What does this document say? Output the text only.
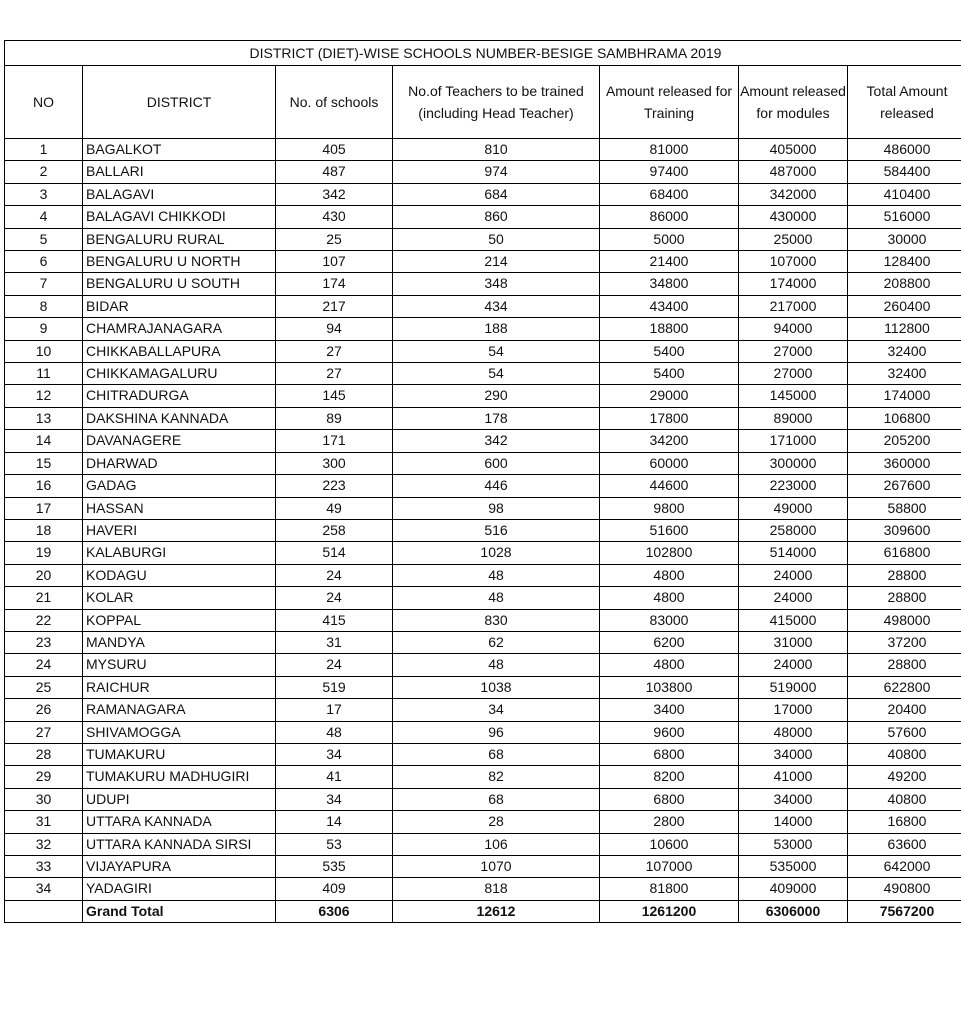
DISTRICT (DIET)-WISE SCHOOLS NUMBER-BESIGE SAMBHRAMA 2019						
NO	DISTRICT	No. of schools	No.of Teachers to be trained (including Head Teacher)	Amount released for Training	Amount released for modules	Total Amount released
1	BAGALKOT	405	810	81000	405000	486000
2	BALLARI	487	974	97400	487000	584400
3	BALAGAVI	342	684	68400	342000	410400
4	BALAGAVI CHIKKODI	430	860	86000	430000	516000
5	BENGALURU RURAL	25	50	5000	25000	30000
6	BENGALURU U NORTH	107	214	21400	107000	128400
7	BENGALURU U SOUTH	174	348	34800	174000	208800
8	BIDAR	217	434	43400	217000	260400
9	CHAMRAJANAGARA	94	188	18800	94000	112800
10	CHIKKABALLAPURA	27	54	5400	27000	32400
11	CHIKKAMAGALURU	27	54	5400	27000	32400
12	CHITRADURGA	145	290	29000	145000	174000
13	DAKSHINA KANNADA	89	178	17800	89000	106800
14	DAVANAGERE	171	342	34200	171000	205200
15	DHARWAD	300	600	60000	300000	360000
16	GADAG	223	446	44600	223000	267600
17	HASSAN	49	98	9800	49000	58800
18	HAVERI	258	516	51600	258000	309600
19	KALABURGI	514	1028	102800	514000	616800
20	KODAGU	24	48	4800	24000	28800
21	KOLAR	24	48	4800	24000	28800
22	KOPPAL	415	830	83000	415000	498000
23	MANDYA	31	62	6200	31000	37200
24	MYSURU	24	48	4800	24000	28800
25	RAICHUR	519	1038	103800	519000	622800
26	RAMANAGARA	17	34	3400	17000	20400
27	SHIVAMOGGA	48	96	9600	48000	57600
28	TUMAKURU	34	68	6800	34000	40800
29	TUMAKURU MADHUGIRI	41	82	8200	41000	49200
30	UDUPI	34	68	6800	34000	40800
31	UTTARA KANNADA	14	28	2800	14000	16800
32	UTTARA KANNADA SIRSI	53	106	10600	53000	63600
33	VIJAYAPURA	535	1070	107000	535000	642000
34	YADAGIRI	409	818	81800	409000	490800
	Grand Total	6306	12612	1261200	6306000	7567200
